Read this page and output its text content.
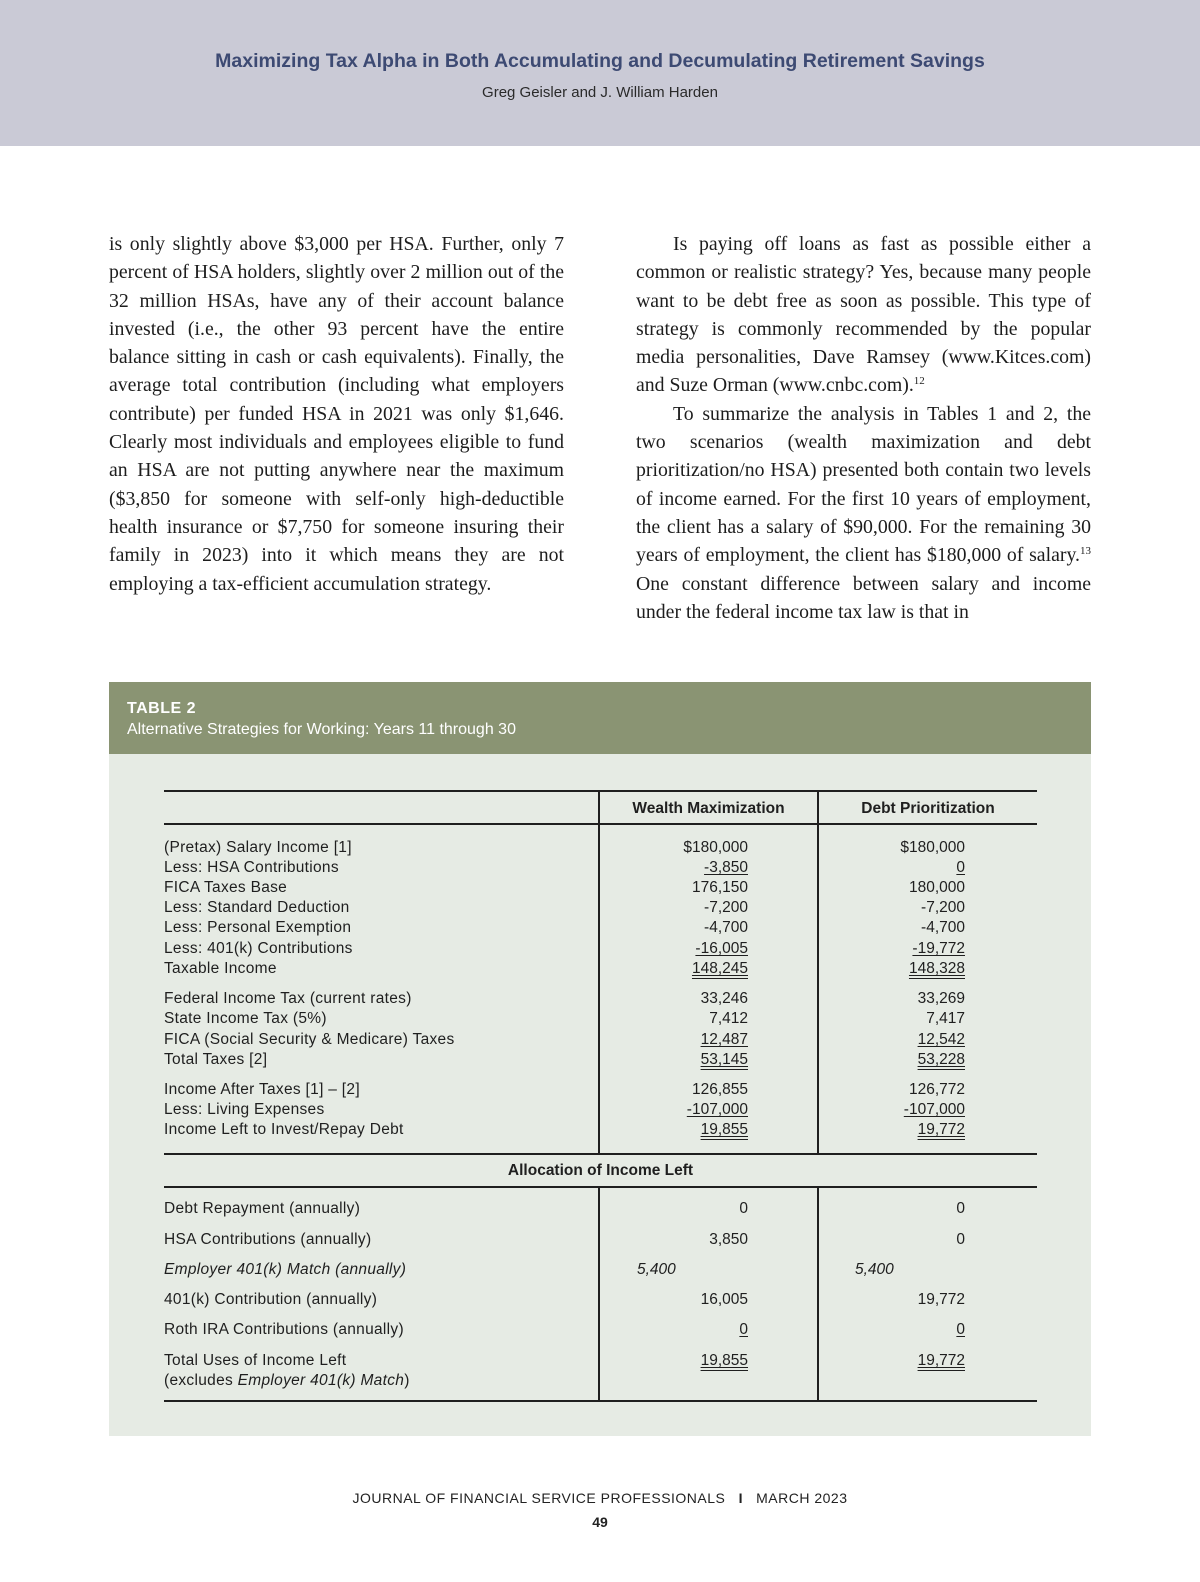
Maximizing Tax Alpha in Both Accumulating and Decumulating Retirement Savings
Greg Geisler and J. William Harden

is only slightly above $3,000 per HSA. Further, only 7 percent of HSA holders, slightly over 2 million out of the 32 million HSAs, have any of their account balance invested (i.e., the other 93 percent have the entire balance sitting in cash or cash equivalents). Finally, the average total contribution (including what employers contribute) per funded HSA in 2021 was only $1,646. Clearly most individuals and employees eligible to fund an HSA are not putting anywhere near the maximum ($3,850 for someone with self-only high-deductible health insurance or $7,750 for someone insuring their family in 2023) into it which means they are not employing a tax-efficient accumulation strategy.

Is paying off loans as fast as possible either a common or realistic strategy? Yes, because many people want to be debt free as soon as possible. This type of strategy is commonly recommended by the popular media personalities, Dave Ramsey (www.Kitces.com) and Suze Orman (www.cnbc.com).$^{12}$

To summarize the analysis in Tables 1 and 2, the two scenarios (wealth maximization and debt prioritization/no HSA) presented both contain two levels of income earned. For the first 10 years of employment, the client has a salary of $90,000. For the remaining 30 years of employment, the client has $180,000 of salary.$^{13}$ One constant difference between salary and income under the federal income tax law is that in

TABLE 2
Alternative Strategies for Working: Years 11 through 30
Wealth Maximization	Debt Prioritization
(Pretax) Salary Income [1]	$180,000	$180,000
Less: HSA Contributions	-3,850	0
FICA Taxes Base	176,150	180,000
Less: Standard Deduction	-7,200	-7,200
Less: Personal Exemption	-4,700	-4,700
Less: 401(k) Contributions	-16,005	-19,772
Taxable Income	148,245	148,328
Federal Income Tax (current rates)	33,246	33,269
State Income Tax (5%)	7,412	7,417
FICA (Social Security & Medicare) Taxes	12,487	12,542
Total Taxes [2]	53,145	53,228
Income After Taxes [1] – [2]	126,855	126,772
Less: Living Expenses	-107,000	-107,000
Income Left to Invest/Repay Debt	19,855	19,772
Allocation of Income Left
Debt Repayment (annually)	0	0
HSA Contributions (annually)	3,850	0
Employer 401(k) Match (annually)	5,400	5,400
401(k) Contribution (annually)	16,005	19,772
Roth IRA Contributions (annually)	0	0
Total Uses of Income Left
(excludes Employer 401(k) Match)
19,855	19,772
JOURNAL OF FINANCIAL SERVICE PROFESSIONALS I MARCH 2023
49
